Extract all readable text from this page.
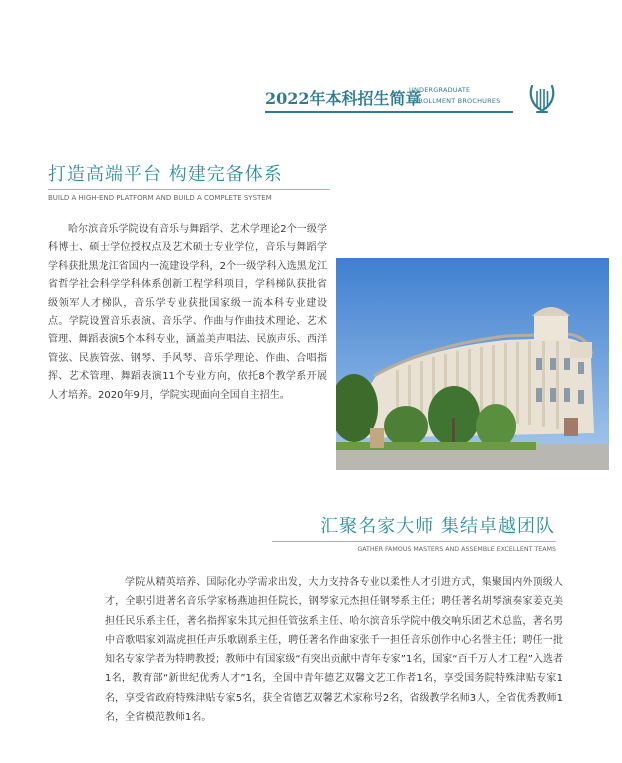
2022年本科招生简章
UNDERGRADUATE
ENROLLMENT BROCHURES
打造高端平台 构建完备体系
BUILD A HIGH-END PLATFORM AND BUILD A COMPLETE SYSTEM

哈尔滨音乐学院设有音乐与舞蹈学、艺术学理论2个一级学科博士、硕士学位授权点及艺术硕士专业学位，音乐与舞蹈学学科获批黑龙江省国内一流建设学科，2个一级学科入选黑龙江省哲学社会科学学科体系创新工程学科项目，学科梯队获批省级领军人才梯队，音乐学专业获批国家级一流本科专业建设点。学院设置音乐表演、音乐学、作曲与作曲技术理论、艺术管理、舞蹈表演5个本科专业，涵盖美声唱法、民族声乐、西洋管弦、民族管弦、钢琴、手风琴、音乐学理论、作曲、合唱指挥、艺术管理、舞蹈表演11个专业方向，依托8个教学系开展人才培养。2020年9月，学院实现面向全国自主招生。

汇聚名家大师 集结卓越团队
GATHER FAMOUS MASTERS AND ASSEMBLE EXCELLENT TEAMS

学院从精英培养、国际化办学需求出发，大力支持各专业以柔性人才引进方式，集聚国内外顶级人才，全职引进著名音乐学家杨燕迪担任院长，钢琴家元杰担任钢琴系主任；聘任著名胡琴演奏家姜克美担任民乐系主任，著名指挥家朱其元担任管弦系主任、哈尔滨音乐学院中俄交响乐团艺术总监，著名男中音歌唱家刘嵩虎担任声乐歌剧系主任，聘任著名作曲家张千一担任音乐创作中心名誉主任；聘任一批知名专家学者为特聘教授；教师中有国家级“有突出贡献中青年专家”1名，国家“百千万人才工程”入选者1名，教育部“新世纪优秀人才”1名，全国中青年德艺双馨文艺工作者1名，享受国务院特殊津贴专家1名，享受省政府特殊津贴专家5名，获全省德艺双馨艺术家称号2名，省级教学名师3人，全省优秀教师1名，全省模范教师1名。
